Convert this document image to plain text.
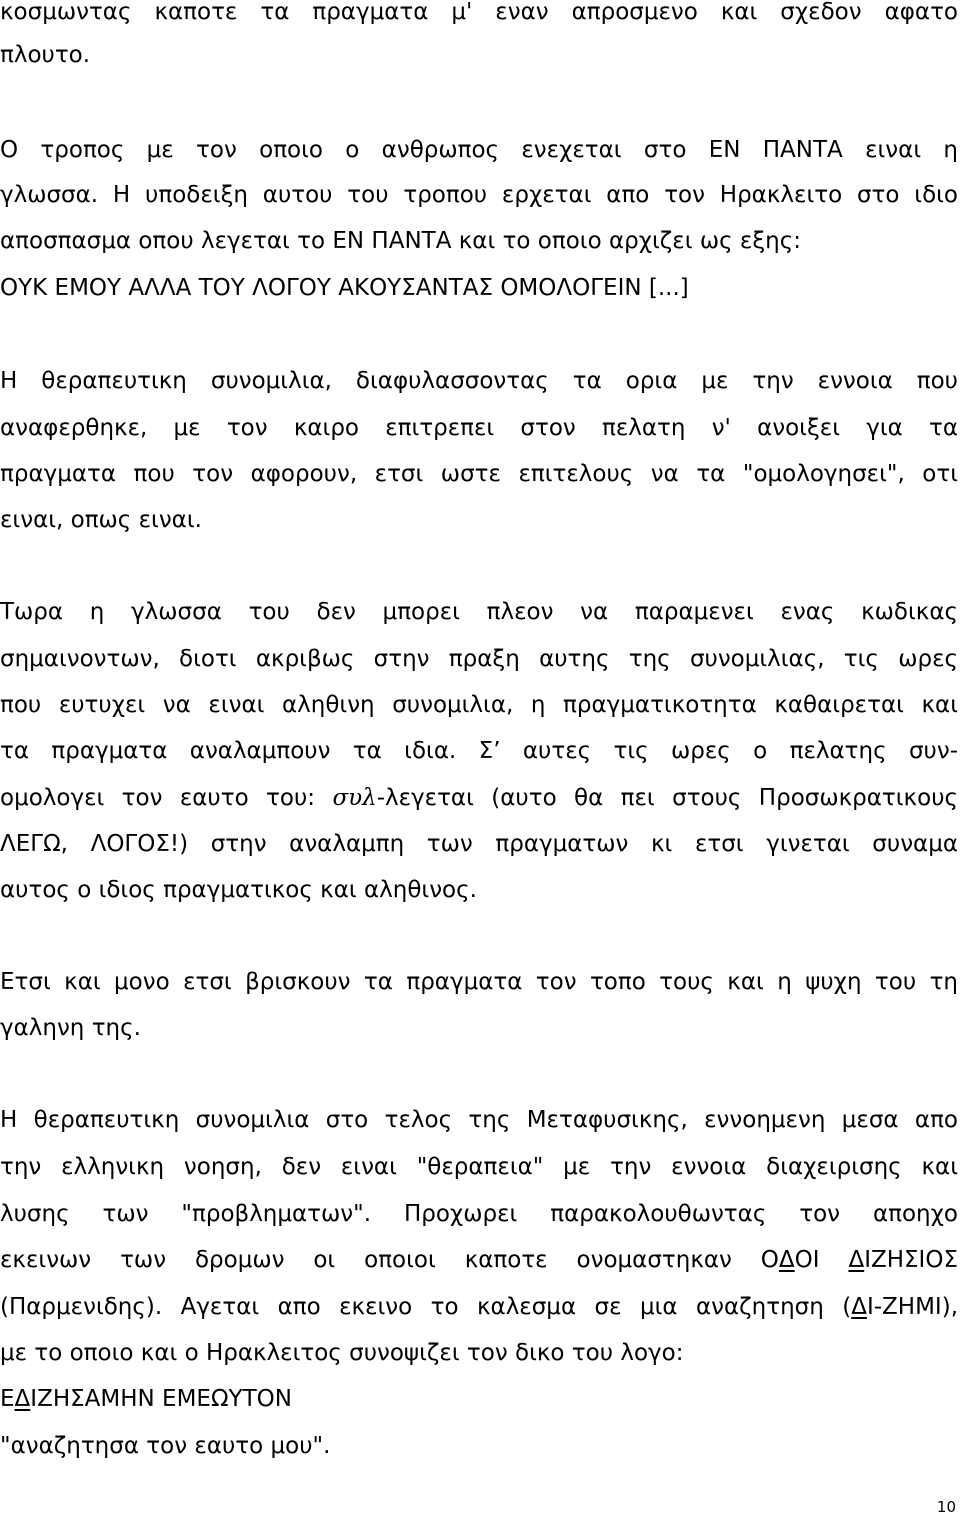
κοσμωντας καποτε τα πραγματα μ' εναν απροσμενο και σχεδον αφατο
πλουτο.
Ο τροπος με τον οποιο ο ανθρωπος ενεχεται στο ΕΝ ΠΑΝΤΑ ειναι η
γλωσσα. Η υποδειξη αυτου του τροπου ερχεται απο τον Ηρακλειτο στο ιδιο
αποσπασμα οπου λεγεται το ΕΝ ΠΑΝΤΑ και το οποιο αρχιζει ως εξης:
ΟΥΚ ΕΜΟΥ ΑΛΛΑ ΤΟΥ ΛΟΓΟΥ ΑΚΟΥΣΑΝΤΑΣ ΟΜΟΛΟΓΕΙΝ [...]
Η θεραπευτικη συνομιλια, διαφυλασσοντας τα ορια με την εννοια που
αναφερθηκε, με τον καιρο επιτρεπει στον πελατη ν' ανοιξει για τα
πραγματα που τον αφορουν, ετσι ωστε επιτελους να τα "ομολογησει", οτι
ειναι, οπως ειναι.
Τωρα η γλωσσα του δεν μπορει πλεον να παραμενει ενας κωδικας
σημαινοντων, διοτι ακριβως στην πραξη αυτης της συνομιλιας, τις ωρες
που ευτυχει να ειναι αληθινη συνομιλια, η πραγματικοτητα καθαιρεται και
τα πραγματα αναλαμπουν τα ιδια. Σ’ αυτες τις ωρες ο πελατης συν-
ομολογει τον εαυτο του: συλ-λεγεται (αυτο θα πει στους Προσωκρατικους
ΛΕΓΩ, ΛΟΓΟΣ!) στην αναλαμπη των πραγματων κι ετσι γινεται συναμα
αυτος ο ιδιος πραγματικος και αληθινος.
Ετσι και μονο ετσι βρισκουν τα πραγματα τον τοπο τους και η ψυχη του τη
γαληνη της.
Η θεραπευτικη συνομιλια στο τελος της Μεταφυσικης, εννοημενη μεσα απο
την ελληνικη νοηση, δεν ειναι "θεραπεια" με την εννοια διαχειρισης και
λυσης των "προβληματων". Προχωρει παρακολουθωντας τον απoηχο
εκεινων των δρομων οι οποιοι καποτε ονομαστηκαν ΟΔΟΙ ΔΙΖΗΣΙΟΣ
(Παρμενιδης). Αγεται απο εκεινο το καλεσμα σε μια αναζητηση (ΔΙ-ΖΗΜΙ),
με το οποιο και ο Ηρακλειτος συνοψιζει τον δικο του λογο:
ΕΔΙΖΗΣΑΜΗΝ ΕΜΕΩΥΤΟΝ
"αναζητησα τον εαυτο μου".
10
